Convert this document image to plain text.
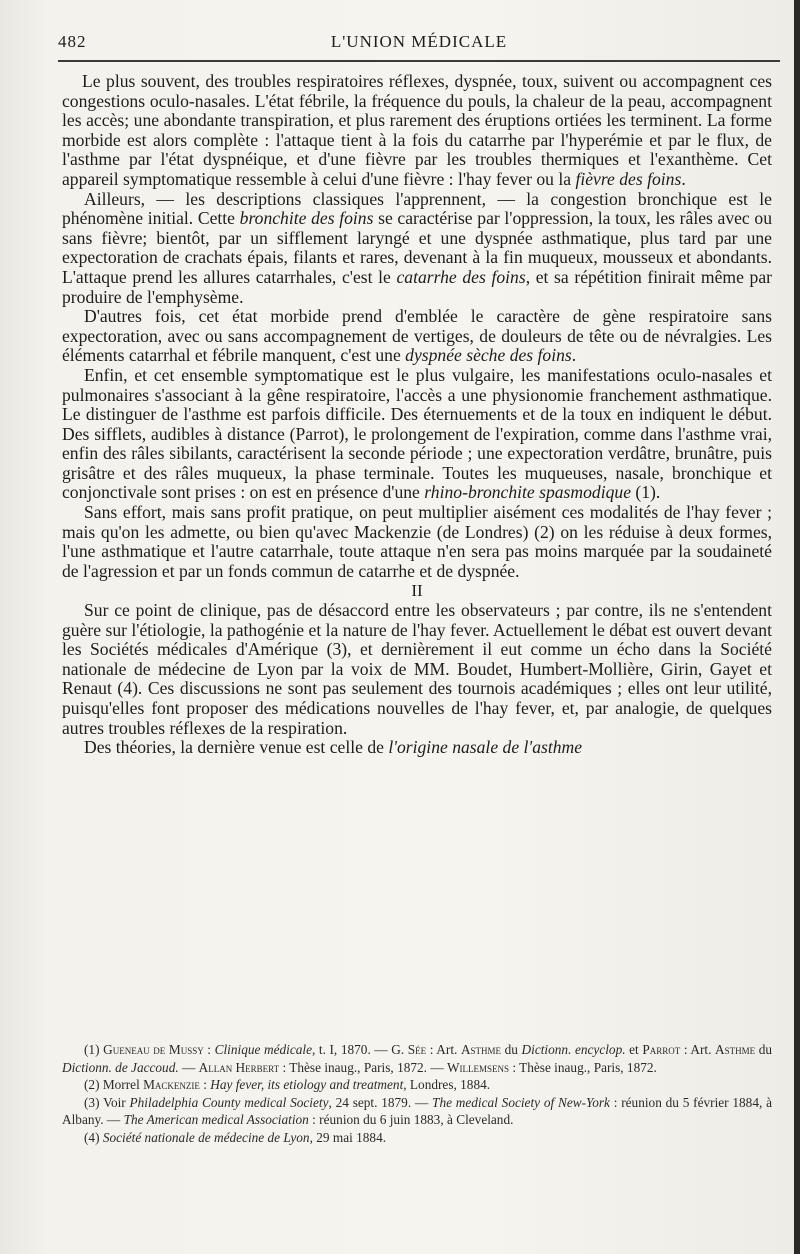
482	L'UNION MÉDICALE

Le plus souvent, des troubles respiratoires réflexes, dyspnée, toux, suivent ou accompagnent ces congestions oculo-nasales. L'état fébrile, la fréquence du pouls, la chaleur de la peau, accompagnent les accès; une abondante transpiration, et plus rarement des éruptions ortiées les terminent. La forme morbide est alors complète : l'attaque tient à la fois du catarrhe par l'hyperémie et par le flux, de l'asthme par l'état dyspnéique, et d'une fièvre par les troubles thermiques et l'exanthème. Cet appareil symptomatique ressemble à celui d'une fièvre : l'hay fever ou la fièvre des foins.

Ailleurs, — les descriptions classiques l'apprennent, — la congestion bronchique est le phénomène initial. Cette bronchite des foins se caractérise par l'oppression, la toux, les râles avec ou sans fièvre; bientôt, par un sifflement laryngé et une dyspnée asthmatique, plus tard par une expectoration de crachats épais, filants et rares, devenant à la fin muqueux, mousseux et abondants. L'attaque prend les allures catarrhales, c'est le catarrhe des foins, et sa répétition finirait même par produire de l'emphysème.

D'autres fois, cet état morbide prend d'emblée le caractère de gène respiratoire sans expectoration, avec ou sans accompagnement de vertiges, de douleurs de tête ou de névralgies. Les éléments catarrhal et fébrile manquent, c'est une dyspnée sèche des foins.

Enfin, et cet ensemble symptomatique est le plus vulgaire, les manifestations oculo-nasales et pulmonaires s'associant à la gêne respiratoire, l'accès a une physionomie franchement asthmatique. Le distinguer de l'asthme est parfois difficile. Des éternuements et de la toux en indiquent le début. Des sifflets, audibles à distance (Parrot), le prolongement de l'expiration, comme dans l'asthme vrai, enfin des râles sibilants, caractérisent la seconde période ; une expectoration verdâtre, brunâtre, puis grisâtre et des râles muqueux, la phase terminale. Toutes les muqueuses, nasale, bronchique et conjonctivale sont prises : on est en présence d'une rhino-bronchite spasmodique (1).

Sans effort, mais sans profit pratique, on peut multiplier aisément ces modalités de l'hay fever ; mais qu'on les admette, ou bien qu'avec Mackenzie (de Londres) (2) on les réduise à deux formes, l'une asthmatique et l'autre catarrhale, toute attaque n'en sera pas moins marquée par la soudaineté de l'agression et par un fonds commun de catarrhe et de dyspnée.

II

Sur ce point de clinique, pas de désaccord entre les observateurs ; par contre, ils ne s'entendent guère sur l'étiologie, la pathogénie et la nature de l'hay fever. Actuellement le débat est ouvert devant les Sociétés médicales d'Amérique (3), et dernièrement il eut comme un écho dans la Société nationale de médecine de Lyon par la voix de MM. Boudet, Humbert-Mollière, Girin, Gayet et Renaut (4). Ces discussions ne sont pas seulement des tournois académiques ; elles ont leur utilité, puisqu'elles font proposer des médications nouvelles de l'hay fever, et, par analogie, de quelques autres troubles réflexes de la respiration.

Des théories, la dernière venue est celle de l'origine nasale de l'asthme

(1) Gueneau de Mussy : Clinique médicale, t. I, 1870. — G. Sée : Art. Asthme du Dictionn. encyclop. et Parrot : Art. Asthme du Dictionn. de Jaccoud. — Allan Herbert : Thèse inaug., Paris, 1872. — Willemsens : Thèse inaug., Paris, 1872.

(2) Morrel Mackenzie : Hay fever, its etiology and treatment, Londres, 1884.

(3) Voir Philadelphia County medical Society, 24 sept. 1879. — The medical Society of New-York : réunion du 5 février 1884, à Albany. — The American medical Association : réunion du 6 juin 1883, à Cleveland.

(4) Société nationale de médecine de Lyon, 29 mai 1884.
